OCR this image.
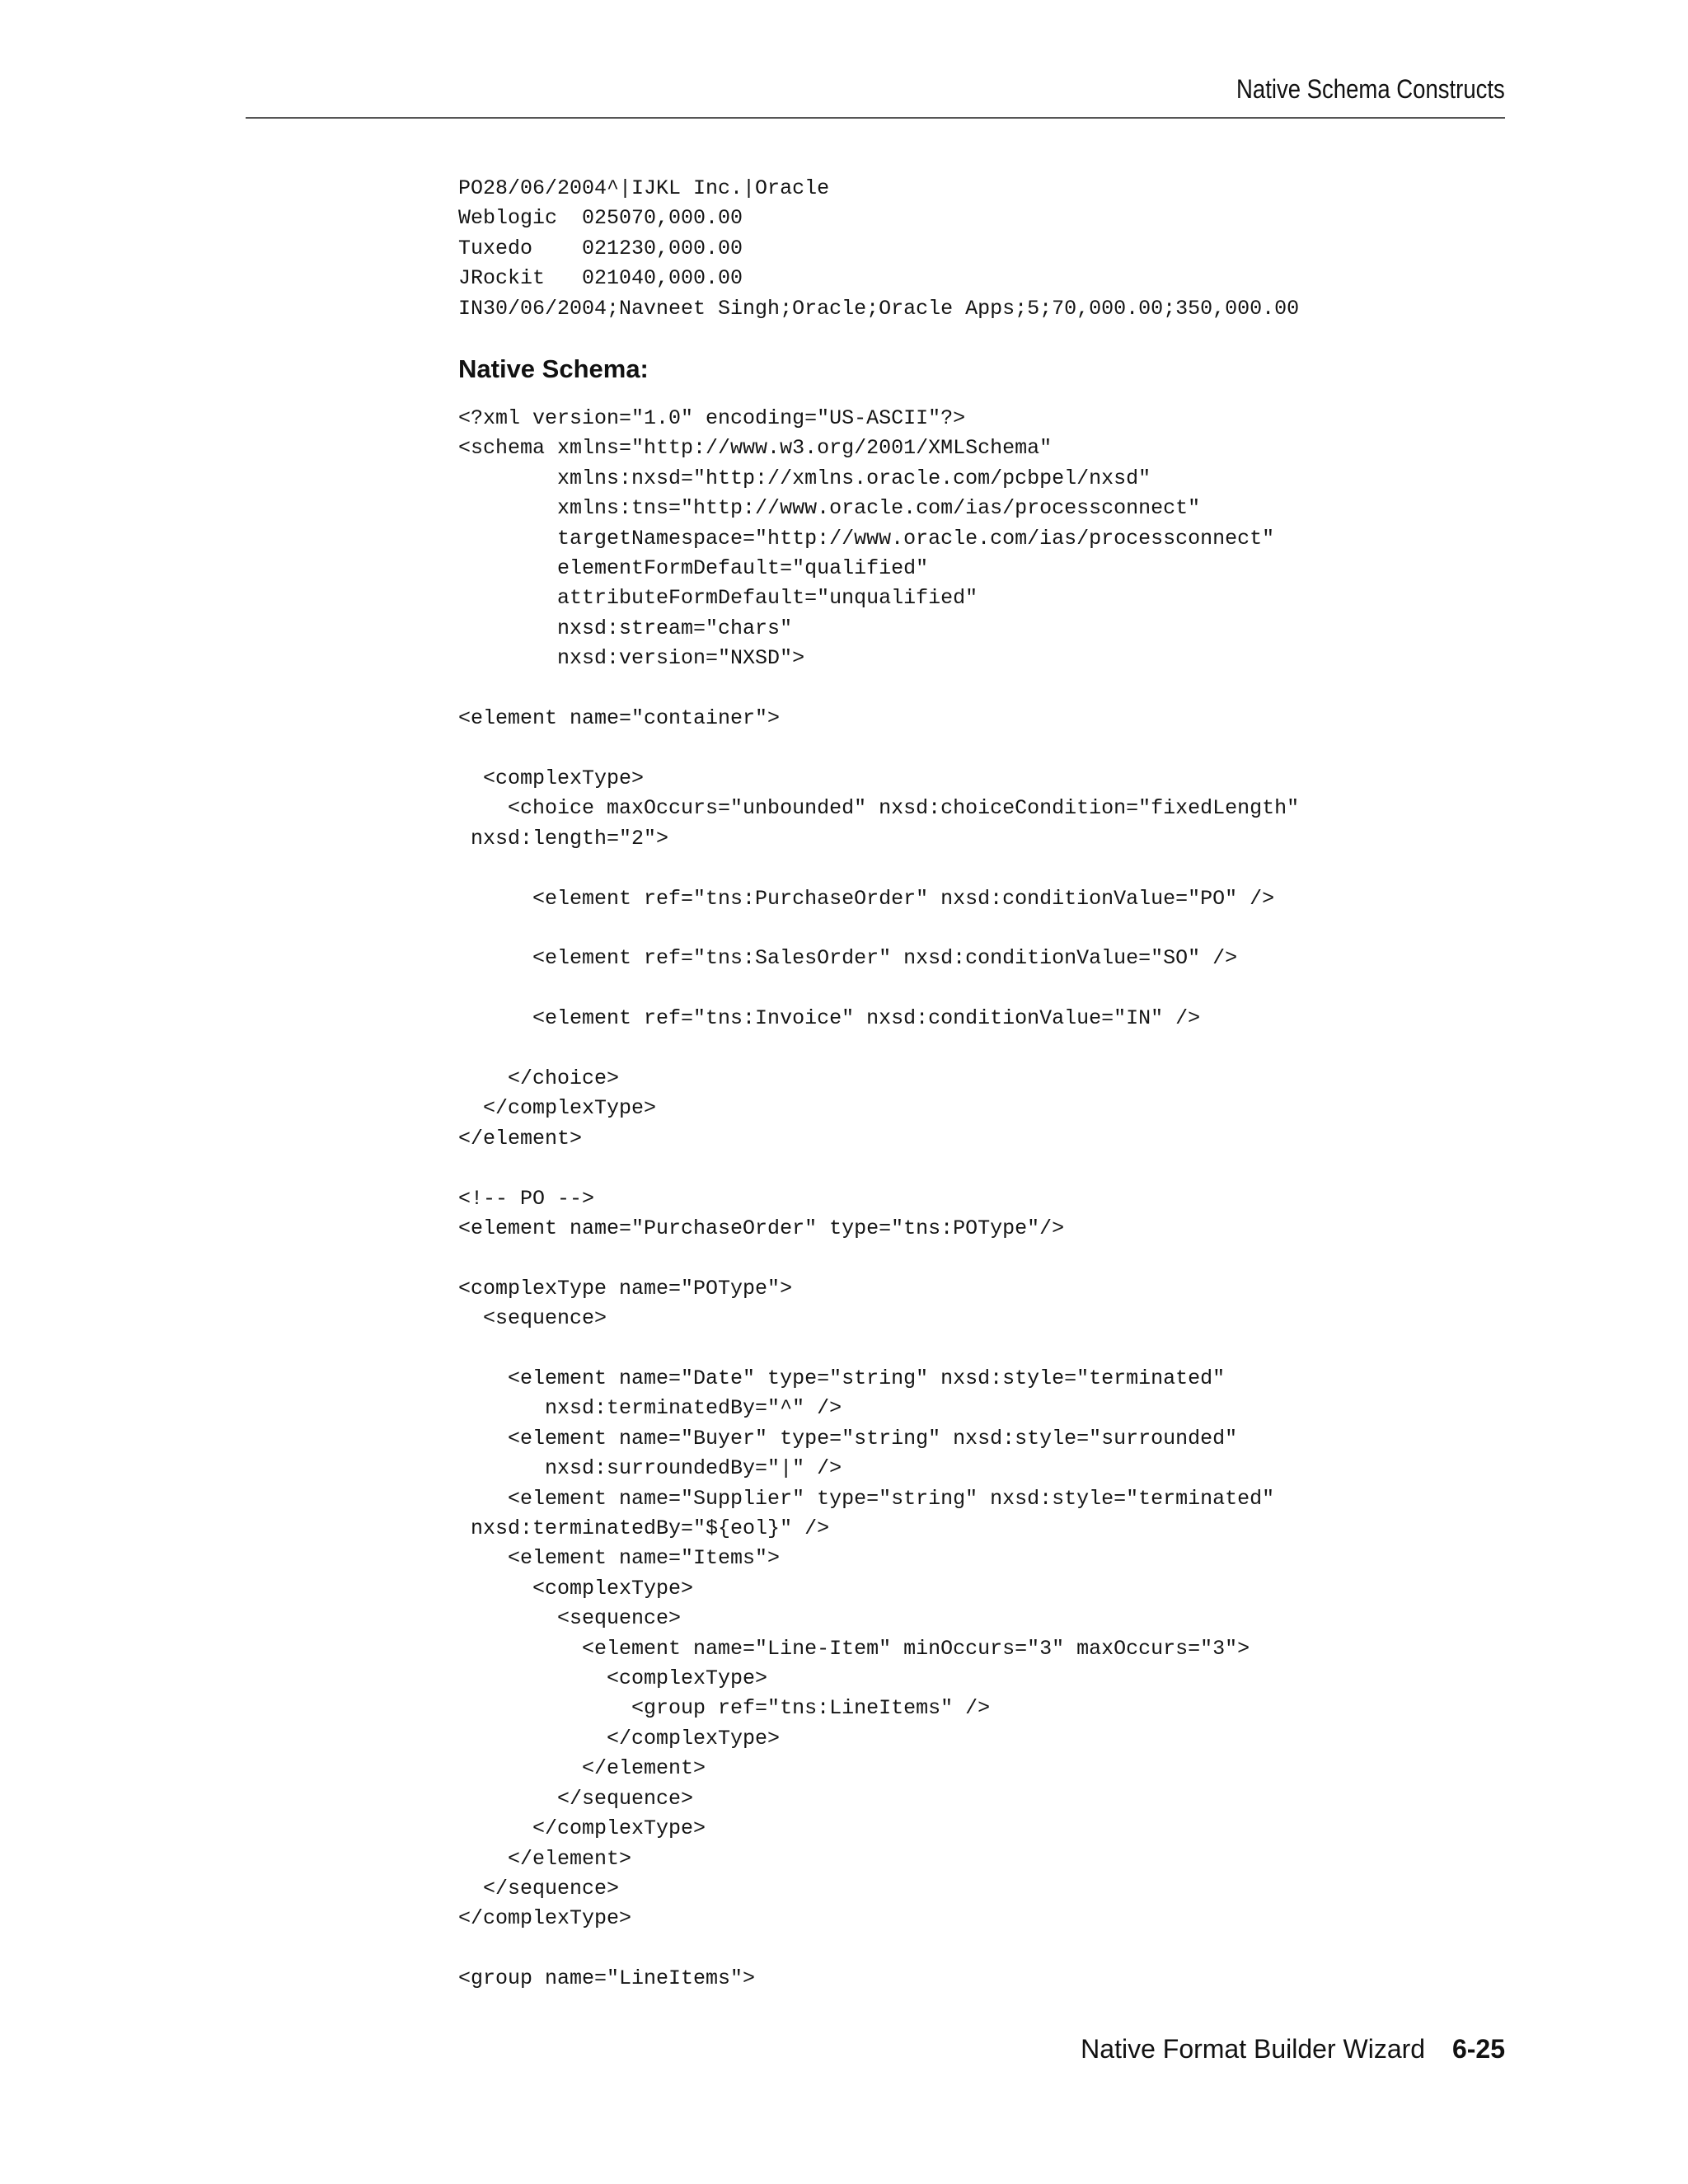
Native Schema Constructs
PO28/06/2004^|IJKL Inc.|Oracle
Weblogic  025070,000.00
Tuxedo    021230,000.00
JRockit   021040,000.00
IN30/06/2004;Navneet Singh;Oracle;Oracle Apps;5;70,000.00;350,000.00
Native Schema:
<?xml version="1.0" encoding="US-ASCII"?>
<schema xmlns="http://www.w3.org/2001/XMLSchema"
xmlns:nxsd="http://xmlns.oracle.com/pcbpel/nxsd"
xmlns:tns="http://www.oracle.com/ias/processconnect"
targetNamespace="http://www.oracle.com/ias/processconnect"
elementFormDefault="qualified"
attributeFormDefault="unqualified"
nxsd:stream="chars"
nxsd:version="NXSD">

<element name="container">

<complexType>
<choice maxOccurs="unbounded" nxsd:choiceCondition="fixedLength"
nxsd:length="2">

<element ref="tns:PurchaseOrder" nxsd:conditionValue="PO" />

<element ref="tns:SalesOrder" nxsd:conditionValue="SO" />

<element ref="tns:Invoice" nxsd:conditionValue="IN" />

</choice>
</complexType>
</element>

<!-- PO -->
<element name="PurchaseOrder" type="tns:POType"/>

<complexType name="POType">
<sequence>

<element name="Date" type="string" nxsd:style="terminated"
nxsd:terminatedBy="^" />
<element name="Buyer" type="string" nxsd:style="surrounded"
nxsd:surroundedBy="|" />
<element name="Supplier" type="string" nxsd:style="terminated"
nxsd:terminatedBy="${eol}" />
<element name="Items">
<complexType>
<sequence>
<element name="Line-Item" minOccurs="3" maxOccurs="3">
<complexType>
<group ref="tns:LineItems" />
</complexType>
</element>
</sequence>
</complexType>
</element>
</sequence>
</complexType>

<group name="LineItems">
Native Format Builder Wizard 6-25
